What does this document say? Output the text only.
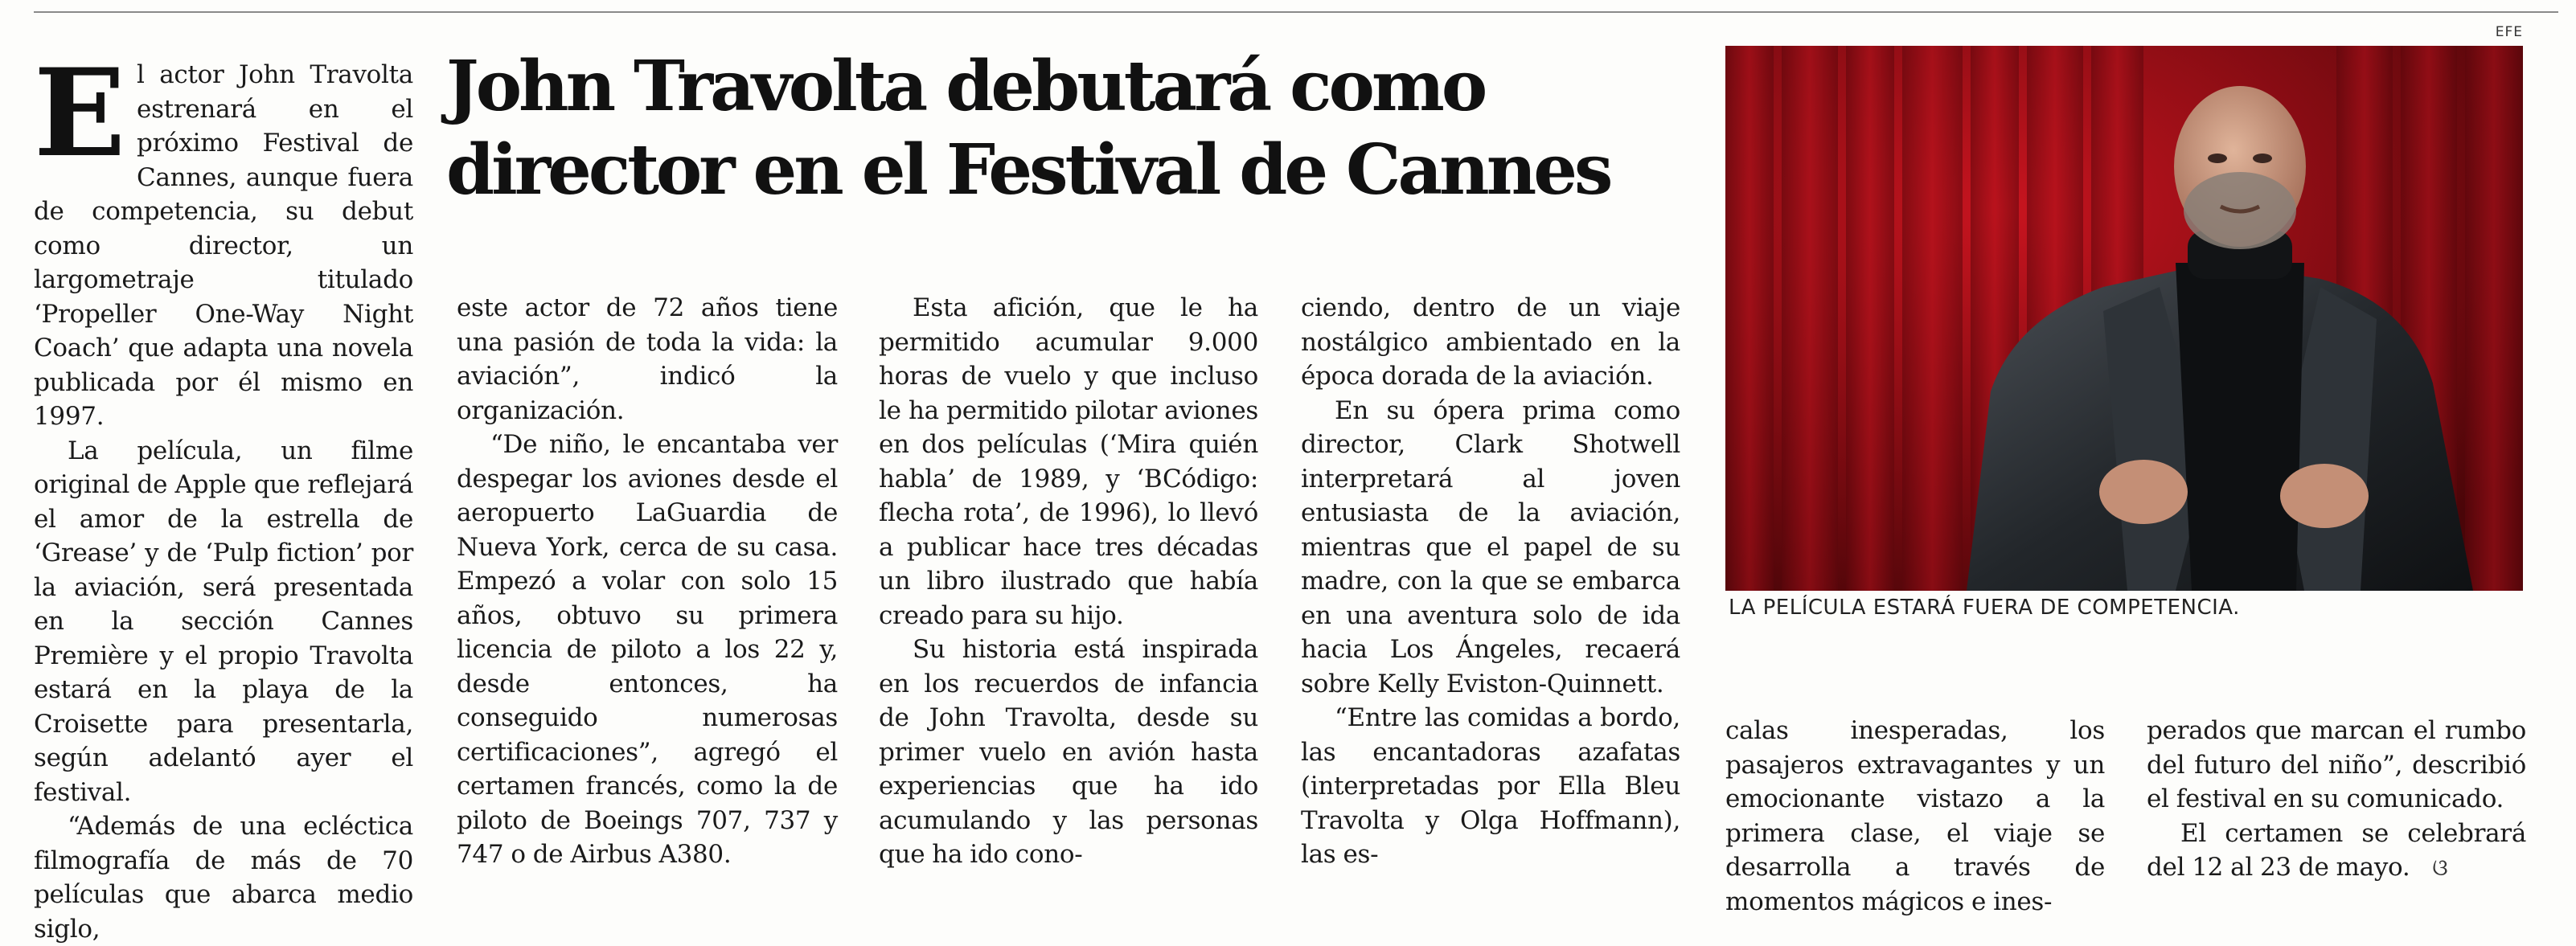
El actor John Travolta estrenará en el próximo Festival de Cannes, aunque fuera de competencia, su debut como director, un largometraje titulado ‘Propeller One-Way Night Coach’ que adapta una novela publicada por él mismo en 1997.

La película, un filme original de Apple que reflejará el amor de la estrella de ‘Grease’ y de ‘Pulp fiction’ por la aviación, será presentada en la sección Cannes Première y el propio Travolta estará en la playa de la Croisette para presentarla, según adelantó ayer el festival.

“Además de una ecléctica filmografía de más de 70 películas que abarca medio siglo,

John Travolta debutará como director en el Festival de Cannes

este actor de 72 años tiene una pasión de toda la vida: la aviación”, indicó la organización.

“De niño, le encantaba ver despegar los aviones desde el aeropuerto LaGuardia de Nueva York, cerca de su casa. Empezó a volar con solo 15 años, obtuvo su primera licencia de piloto a los 22 y, desde entonces, ha conseguido numerosas certificaciones”, agregó el certamen francés, como la de piloto de Boeings 707, 737 y 747 o de Airbus A380.

Esta afición, que le ha permitido acumular 9.000 horas de vuelo y que incluso le ha permitido pilotar aviones en dos películas (‘Mira quién habla’ de 1989, y ‘BCódigo: flecha rota’, de 1996), lo llevó a publicar hace tres décadas un libro ilustrado que había creado para su hijo.

Su historia está inspirada en los recuerdos de infancia de John Travolta, desde su primer vuelo en avión hasta experiencias que ha ido acumulando y las personas que ha ido cono-

ciendo, dentro de un viaje nostálgico ambientado en la época dorada de la aviación.

En su ópera prima como director, Clark Shotwell interpretará al joven entusiasta de la aviación, mientras que el papel de su madre, con la que se embarca en una aventura solo de ida hacia Los Ángeles, recaerá sobre Kelly Eviston-Quinnett.

“Entre las comidas a bordo, las encantadoras azafatas (interpretadas por Ella Bleu Travolta y Olga Hoffmann), las es-

calas inesperadas, los pasajeros extravagantes y un emocionante vistazo a la primera clase, el viaje se desarrolla a través de momentos mágicos e ines-

perados que marcan el rumbo del futuro del niño”, describió el festival en su comunicado.

El certamen se celebrará del 12 al 23 de mayo. ଓ

EFE
LA PELÍCULA ESTARÁ FUERA DE COMPETENCIA.
